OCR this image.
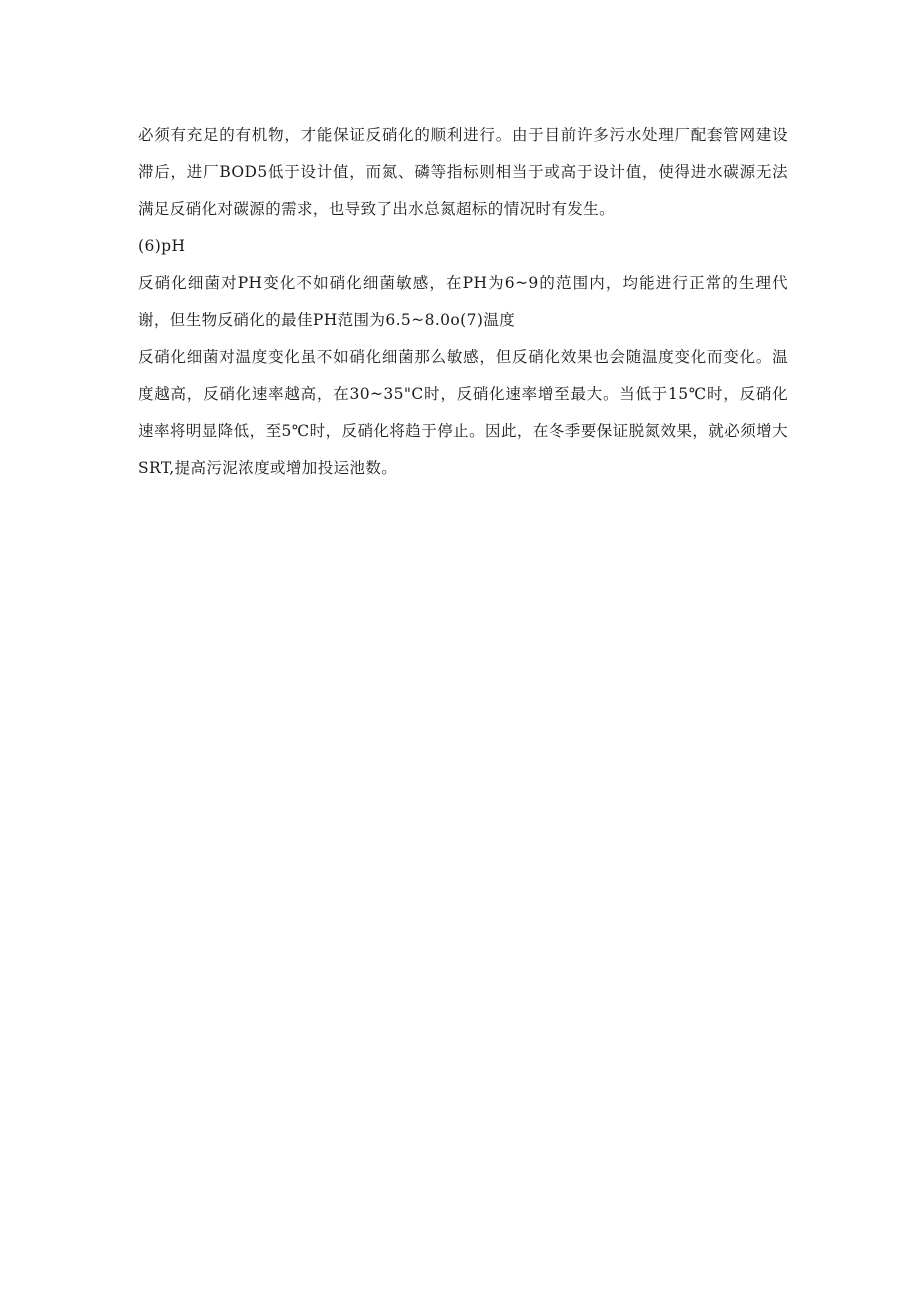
必须有充足的有机物，才能保证反硝化的顺利进行。由于目前许多污水处理厂配套管网建设滞后，进厂BOD5低于设计值，而氮、磷等指标则相当于或高于设计值，使得进水碳源无法满足反硝化对碳源的需求，也导致了出水总氮超标的情况时有发生。

(6)pH

反硝化细菌对PH变化不如硝化细菌敏感，在PH为6~9的范围内，均能进行正常的生理代谢，但生物反硝化的最佳PH范围为6.5~8.0o(7)温度

反硝化细菌对温度变化虽不如硝化细菌那么敏感，但反硝化效果也会随温度变化而变化。温度越高，反硝化速率越高，在30~35"C时，反硝化速率增至最大。当低于15℃时，反硝化速率将明显降低，至5℃时，反硝化将趋于停止。因此，在冬季要保证脱氮效果，就必须增大SRT,提高污泥浓度或增加投运池数。
